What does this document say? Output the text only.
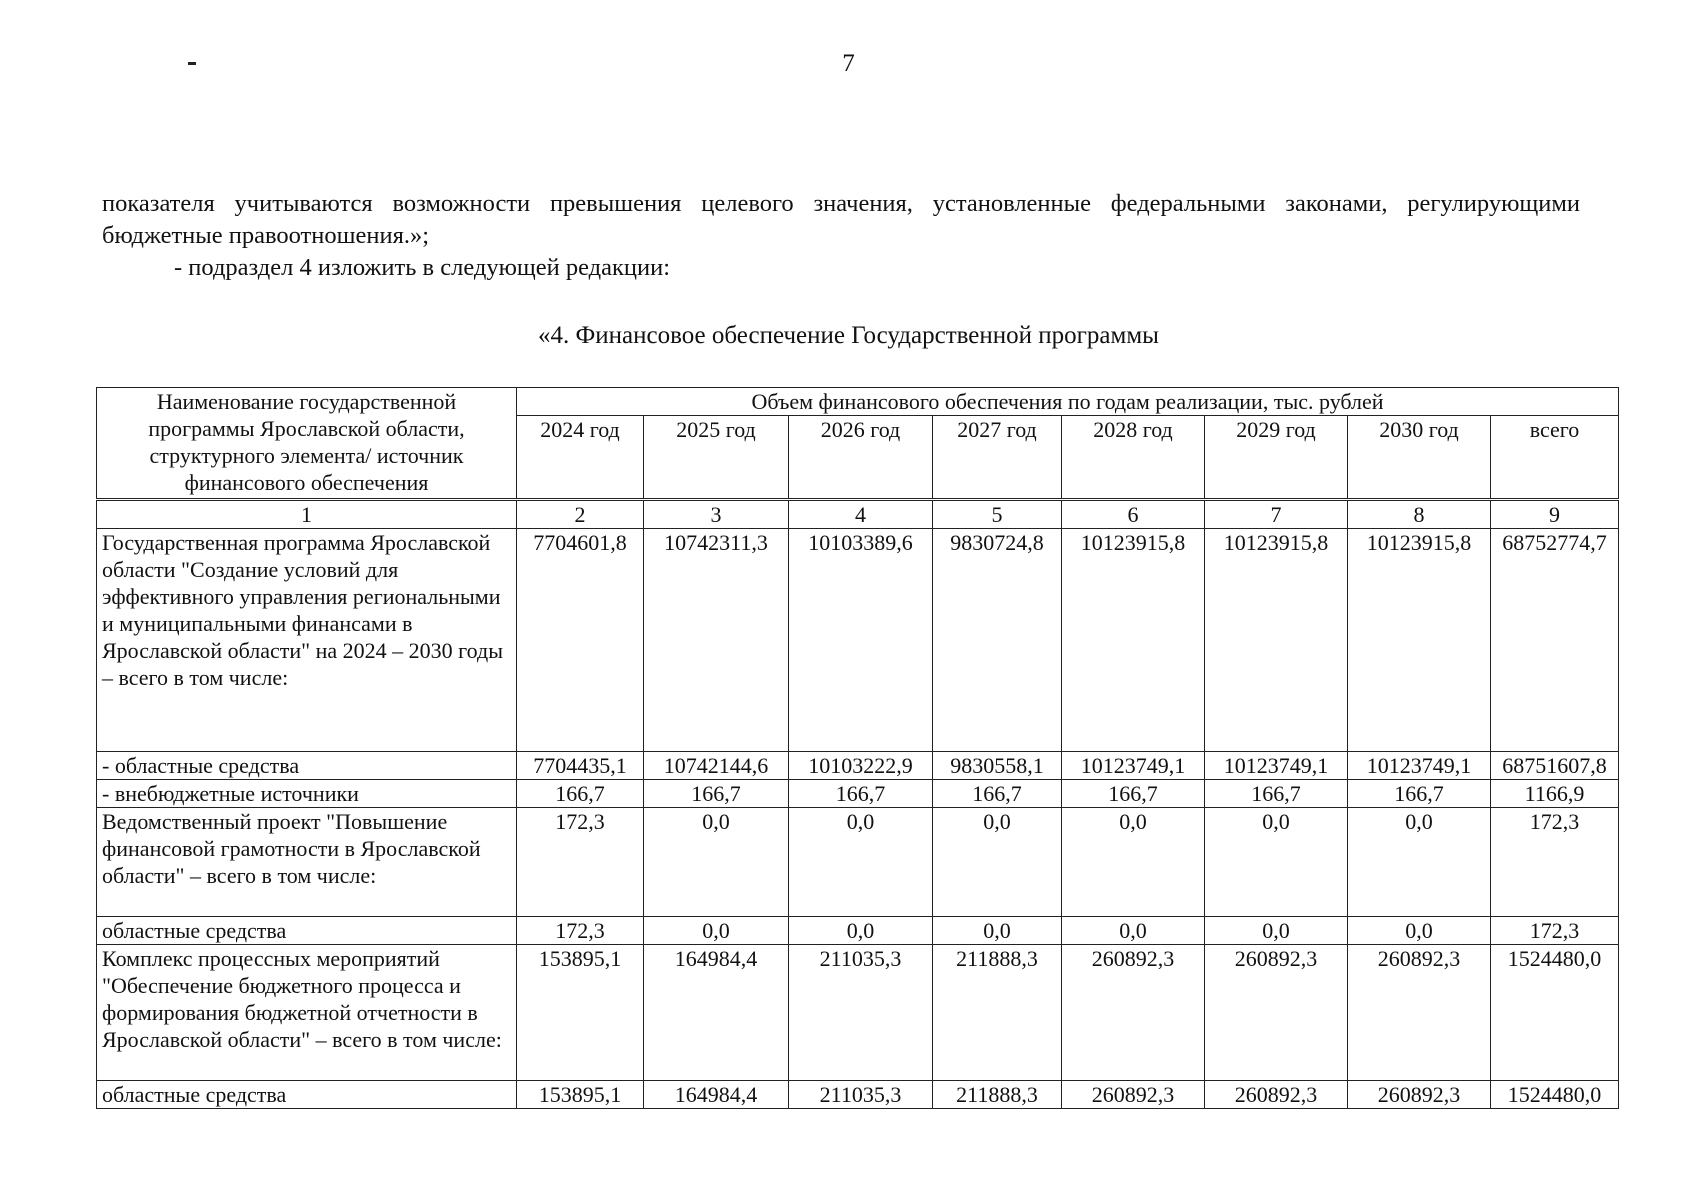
7

показателя учитываются возможности превышения целевого значения, установленные федеральными законами, регулирующими бюджетные правоотношения.»;

- подраздел 4 изложить в следующей редакции:

«4. Финансовое обеспечение Государственной программы
Наименование государственной программы Ярославской области, структурного элемента/ источник финансового обеспечения	Объем финансового обеспечения по годам реализации, тыс. рублей							
	2024 год	2025 год	2026 год	2027 год	2028 год	2029 год	2030 год	всего
1	2	3	4	5	6	7	8	9
Государственная программа Ярославской области "Создание условий для эффективного управления региональными и муниципальными финансами в Ярославской области" на 2024 – 2030 годы – всего в том числе:	7704601,8	10742311,3	10103389,6	9830724,8	10123915,8	10123915,8	10123915,8	68752774,7
- областные средства	7704435,1	10742144,6	10103222,9	9830558,1	10123749,1	10123749,1	10123749,1	68751607,8
- внебюджетные источники	166,7	166,7	166,7	166,7	166,7	166,7	166,7	1166,9
Ведомственный проект "Повышение финансовой грамотности в Ярославской области" – всего в том числе:	172,3	0,0	0,0	0,0	0,0	0,0	0,0	172,3
областные средства	172,3	0,0	0,0	0,0	0,0	0,0	0,0	172,3
Комплекс процессных мероприятий "Обеспечение бюджетного процесса и формирования бюджетной отчетности в Ярославской области" – всего в том числе:	153895,1	164984,4	211035,3	211888,3	260892,3	260892,3	260892,3	1524480,0
областные средства	153895,1	164984,4	211035,3	211888,3	260892,3	260892,3	260892,3	1524480,0
